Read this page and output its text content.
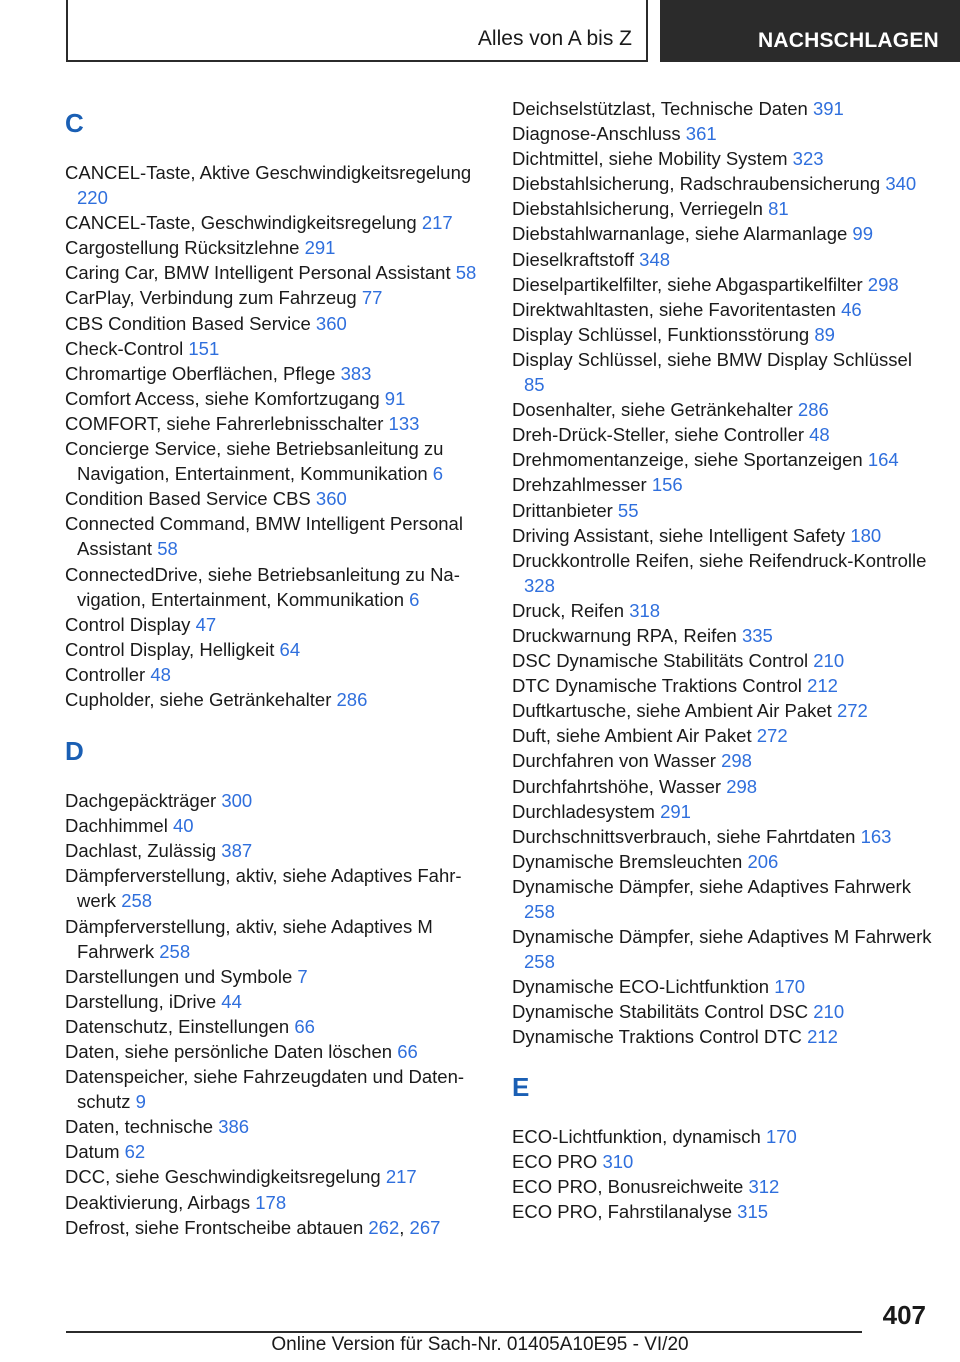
Alles von A bis Z	NACHSCHLAGEN
C
CANCEL-Taste, Aktive Geschwindigkeitsregelung 220
CANCEL-Taste, Geschwindigkeitsregelung 217
Cargostellung Rücksitzlehne 291
Caring Car, BMW Intelligent Personal Assistant 58
CarPlay, Verbindung zum Fahrzeug 77
CBS Condition Based Service 360
Check-Control 151
Chromartige Oberflächen, Pflege 383
Comfort Access, siehe Komfortzugang 91
COMFORT, siehe Fahrerlebnisschalter 133
Concierge Service, siehe Betriebsanleitung zu Navigation, Entertainment, Kommunikation 6
Condition Based Service CBS 360
Connected Command, BMW Intelligent Personal Assistant 58
ConnectedDrive, siehe Betriebsanleitung zu Navigation, Entertainment, Kommunikation 6
Control Display 47
Control Display, Helligkeit 64
Controller 48
Cupholder, siehe Getränkehalter 286
D
Dachgepäckträger 300
Dachhimmel 40
Dachlast, Zulässig 387
Dämpferverstellung, aktiv, siehe Adaptives Fahrwerk 258
Dämpferverstellung, aktiv, siehe Adaptives M Fahrwerk 258
Darstellungen und Symbole 7
Darstellung, iDrive 44
Datenschutz, Einstellungen 66
Daten, siehe persönliche Daten löschen 66
Datenspeicher, siehe Fahrzeugdaten und Datenschutz 9
Daten, technische 386
Datum 62
DCC, siehe Geschwindigkeitsregelung 217
Deaktivierung, Airbags 178
Defrost, siehe Frontscheibe abtauen 262, 267
Deichselstützlast, Technische Daten 391
Diagnose-Anschluss 361
Dichtmittel, siehe Mobility System 323
Diebstahlsicherung, Radschraubensicherung 340
Diebstahlsicherung, Verriegeln 81
Diebstahlwarnanlage, siehe Alarmanlage 99
Dieselkraftstoff 348
Dieselpartikelfilter, siehe Abgaspartikelfilter 298
Direktwahltasten, siehe Favoritentasten 46
Display Schlüssel, Funktionsstörung 89
Display Schlüssel, siehe BMW Display Schlüssel 85
Dosenhalter, siehe Getränkehalter 286
Dreh-Drück-Steller, siehe Controller 48
Drehmomentanzeige, siehe Sportanzeigen 164
Drehzahlmesser 156
Drittanbieter 55
Driving Assistant, siehe Intelligent Safety 180
Druckkontrolle Reifen, siehe Reifendruck-Kontrolle 328
Druck, Reifen 318
Druckwarnung RPA, Reifen 335
DSC Dynamische Stabilitäts Control 210
DTC Dynamische Traktions Control 212
Duftkartusche, siehe Ambient Air Paket 272
Duft, siehe Ambient Air Paket 272
Durchfahren von Wasser 298
Durchfahrtshöhe, Wasser 298
Durchladesystem 291
Durchschnittsverbrauch, siehe Fahrtdaten 163
Dynamische Bremsleuchten 206
Dynamische Dämpfer, siehe Adaptives Fahrwerk 258
Dynamische Dämpfer, siehe Adaptives M Fahrwerk 258
Dynamische ECO-Lichtfunktion 170
Dynamische Stabilitäts Control DSC 210
Dynamische Traktions Control DTC 212
E
ECO-Lichtfunktion, dynamisch 170
ECO PRO 310
ECO PRO, Bonusreichweite 312
ECO PRO, Fahrstilanalyse 315
407
Online Version für Sach-Nr. 01405A10E95 - VI/20
